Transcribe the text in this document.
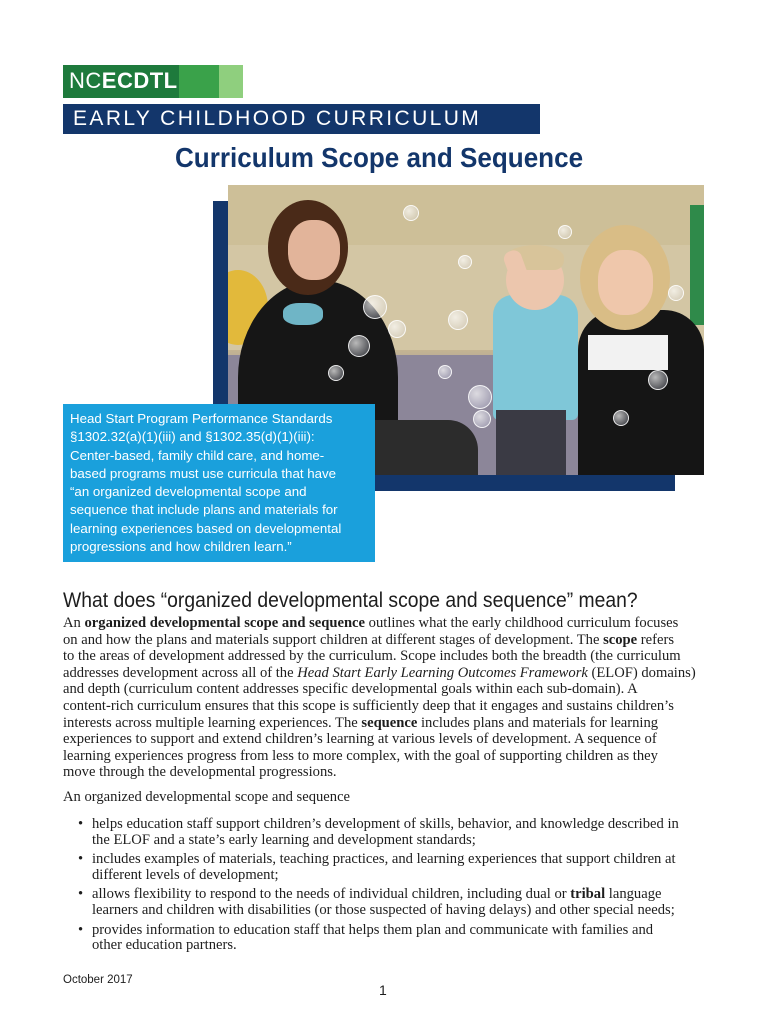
NCECDTL
EARLY CHILDHOOD CURRICULUM
Curriculum Scope and Sequence
Head Start Program Performance Standards
§1302.32(a)(1)(iii) and §1302.35(d)(1)(iii):
Center-based, family child care, and home-
based programs must use curricula that have
“an organized developmental scope and
sequence that include plans and materials for
learning experiences based on developmental
progressions and how children learn.”
What does “organized developmental scope and sequence” mean?
An organized developmental scope and sequence outlines what the early childhood curriculum focuses
on and how the plans and materials support children at different stages of development. The scope refers
to the areas of development addressed by the curriculum. Scope includes both the breadth (the curriculum
addresses development across all of the Head Start Early Learning Outcomes Framework (ELOF) domains)
and depth (curriculum content addresses specific developmental goals within each sub-domain). A
content-rich curriculum ensures that this scope is sufficiently deep that it engages and sustains children’s
interests across multiple learning experiences. The sequence includes plans and materials for learning
experiences to support and extend children’s learning at various levels of development. A sequence of
learning experiences progress from less to more complex, with the goal of supporting children as they
move through the developmental progressions.
An organized developmental scope and sequence
• helps education staff support children’s development of skills, behavior, and knowledge described in
the ELOF and a state’s early learning and development standards;
• includes examples of materials, teaching practices, and learning experiences that support children at
different levels of development;
• allows flexibility to respond to the needs of individual children, including dual or tribal language
learners and children with disabilities (or those suspected of having delays) and other special needs;
• provides information to education staff that helps them plan and communicate with families and
other education partners.
October 2017
1
